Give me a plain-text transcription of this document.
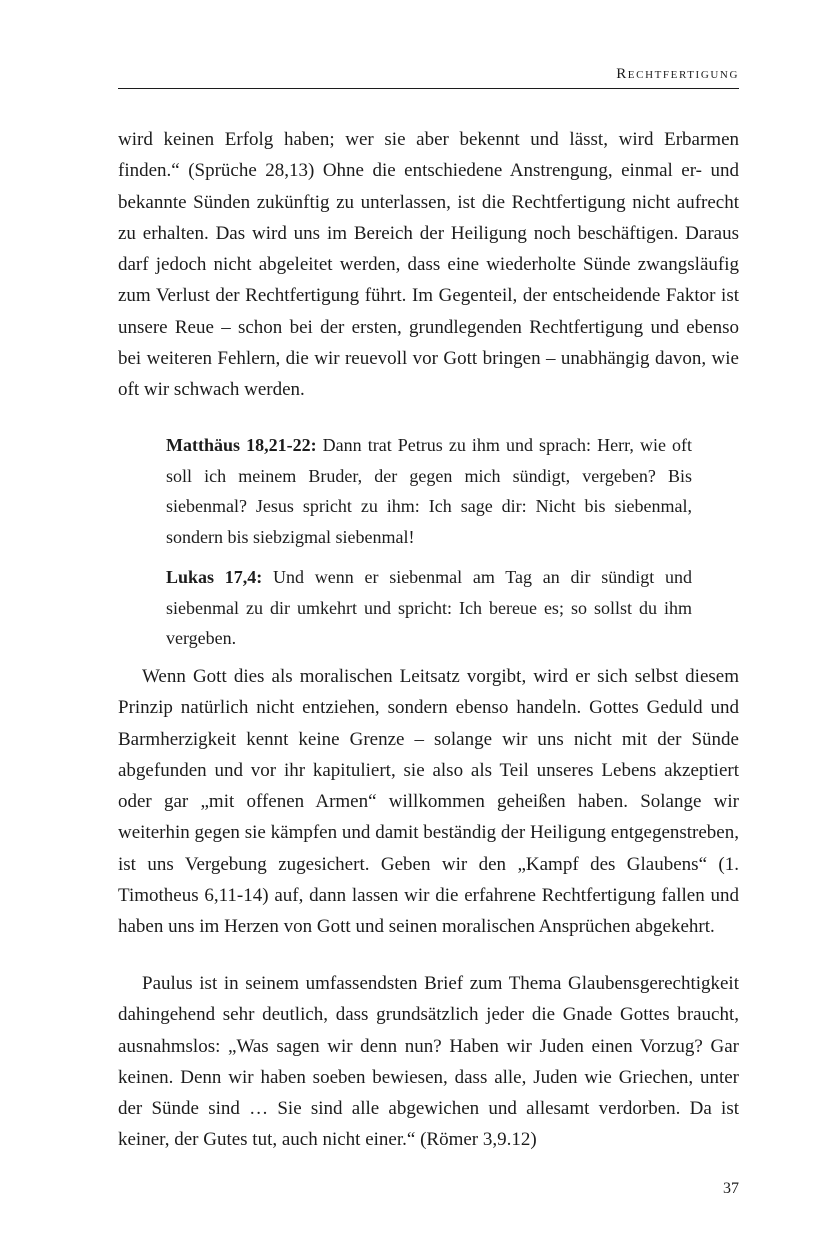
Rechtfertigung

wird keinen Erfolg haben; wer sie aber bekennt und lässt, wird Erbarmen finden.“ (Sprüche 28,13) Ohne die entschiedene Anstrengung, einmal er- und bekannte Sünden zukünftig zu unterlassen, ist die Rechtfertigung nicht aufrecht zu erhalten. Das wird uns im Bereich der Heiligung noch beschäftigen. Daraus darf jedoch nicht abgeleitet werden, dass eine wiederholte Sünde zwangsläufig zum Verlust der Rechtfertigung führt. Im Gegenteil, der entscheidende Faktor ist unsere Reue – schon bei der ersten, grundlegenden Rechtfertigung und ebenso bei weiteren Fehlern, die wir reuevoll vor Gott bringen – unabhängig davon, wie oft wir schwach werden.

Matthäus 18,21-22: Dann trat Petrus zu ihm und sprach: Herr, wie oft soll ich meinem Bruder, der gegen mich sündigt, vergeben? Bis siebenmal? Jesus spricht zu ihm: Ich sage dir: Nicht bis siebenmal, sondern bis siebzigmal siebenmal!

Lukas 17,4: Und wenn er siebenmal am Tag an dir sündigt und siebenmal zu dir umkehrt und spricht: Ich bereue es; so sollst du ihm vergeben.

Wenn Gott dies als moralischen Leitsatz vorgibt, wird er sich selbst diesem Prinzip natürlich nicht entziehen, sondern ebenso handeln. Gottes Geduld und Barmherzigkeit kennt keine Grenze – solange wir uns nicht mit der Sünde abgefunden und vor ihr kapituliert, sie also als Teil unseres Lebens akzeptiert oder gar „mit offenen Armen“ willkommen geheißen haben. Solange wir weiterhin gegen sie kämpfen und damit beständig der Heiligung entgegenstreben, ist uns Vergebung zugesichert. Geben wir den „Kampf des Glaubens“ (1. Timotheus 6,11-14) auf, dann lassen wir die erfahrene Rechtfertigung fallen und haben uns im Herzen von Gott und seinen moralischen Ansprüchen abgekehrt.

Paulus ist in seinem umfassendsten Brief zum Thema Glaubensgerechtigkeit dahingehend sehr deutlich, dass grundsätzlich jeder die Gnade Gottes braucht, ausnahmslos: „Was sagen wir denn nun? Haben wir Juden einen Vorzug? Gar keinen. Denn wir haben soeben bewiesen, dass alle, Juden wie Griechen, unter der Sünde sind … Sie sind alle abgewichen und allesamt verdorben. Da ist keiner, der Gutes tut, auch nicht einer.“ (Römer 3,9.12)

37
